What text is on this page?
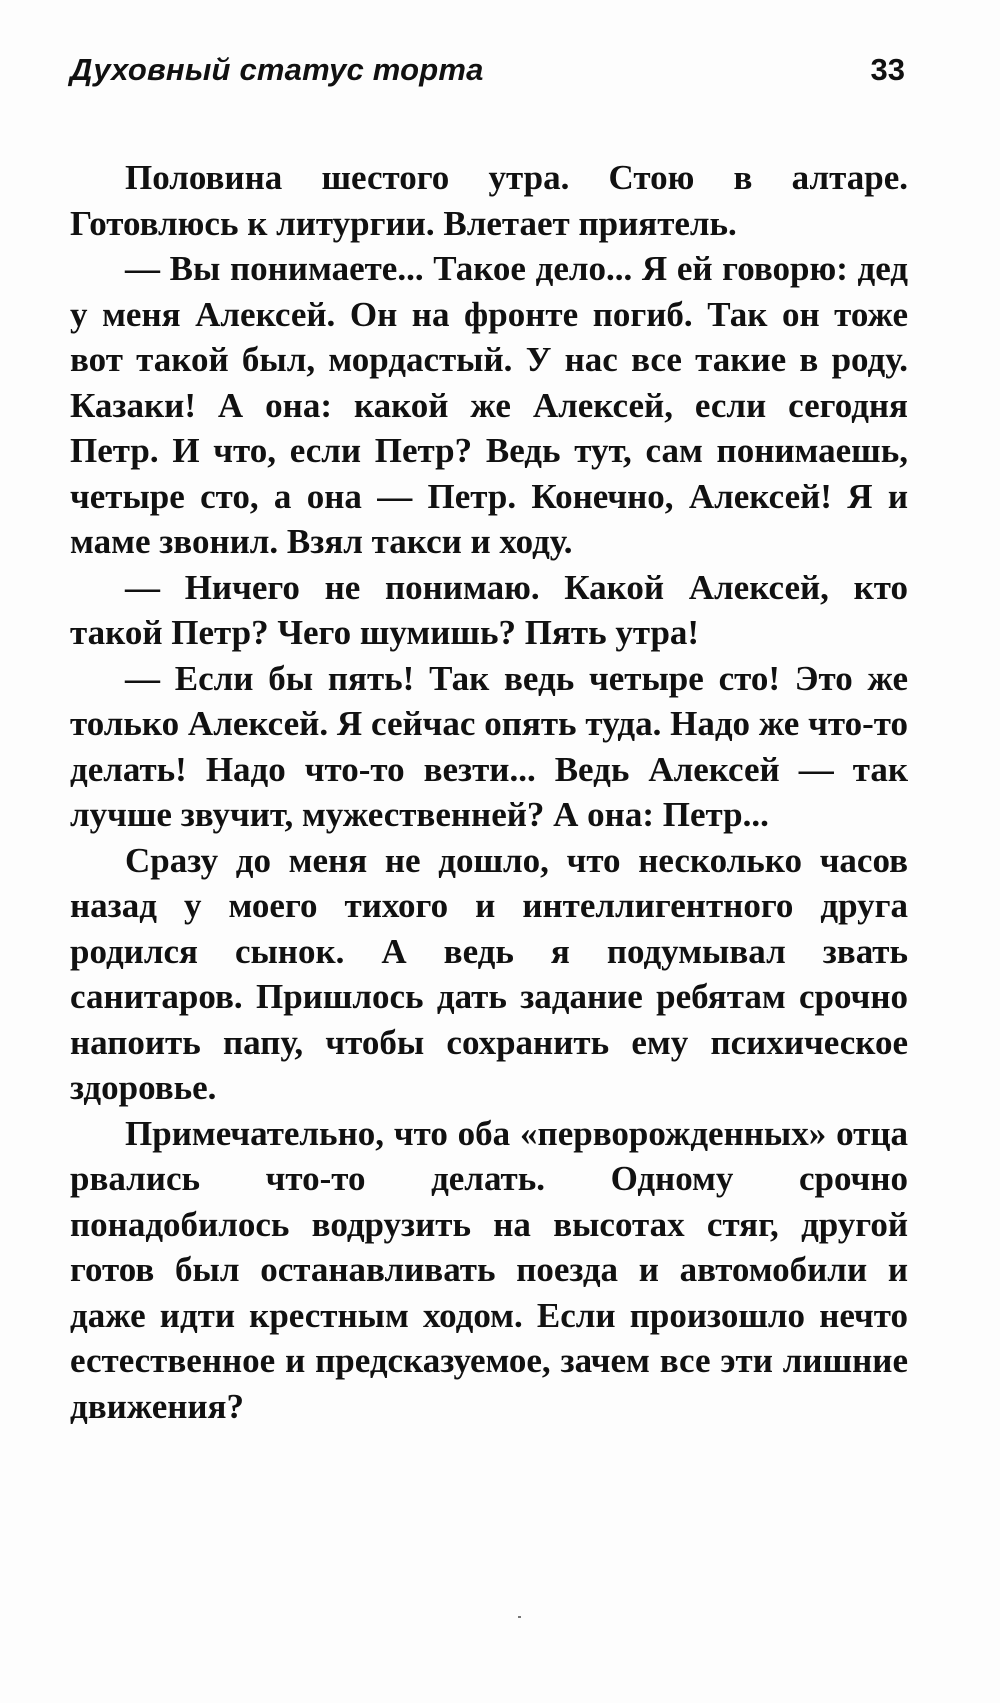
Духовный статус торта	33

Половина шестого утра. Стою в алтаре. Готовлюсь к литургии. Влетает приятель.

— Вы понимаете... Такое дело... Я ей говорю: дед у меня Алексей. Он на фронте погиб. Так он тоже вот такой был, мордастый. У нас все такие в роду. Казаки! А она: какой же Алексей, если сегодня Петр. И что, если Петр? Ведь тут, сам понимаешь, четыре сто, а она — Петр. Конечно, Алексей! Я и маме звонил. Взял такси и ходу.

— Ничего не понимаю. Какой Алексей, кто такой Петр? Чего шумишь? Пять утра!

— Если бы пять! Так ведь четыре сто! Это же только Алексей. Я сейчас опять туда. Надо же что-то делать! Надо что-то везти... Ведь Алексей — так лучше звучит, мужественней? А она: Петр...

Сразу до меня не дошло, что несколько часов назад у моего тихого и интеллигентного друга родился сынок. А ведь я подумывал звать санитаров. Пришлось дать задание ребятам срочно напоить папу, чтобы сохранить ему психическое здоровье.

Примечательно, что оба «перворожденных» отца рвались что-то делать. Одному срочно понадобилось водрузить на высотах стяг, другой готов был останавливать поезда и автомобили и даже идти крестным ходом. Если произошло нечто естественное и предсказуемое, зачем все эти лишние движения?
